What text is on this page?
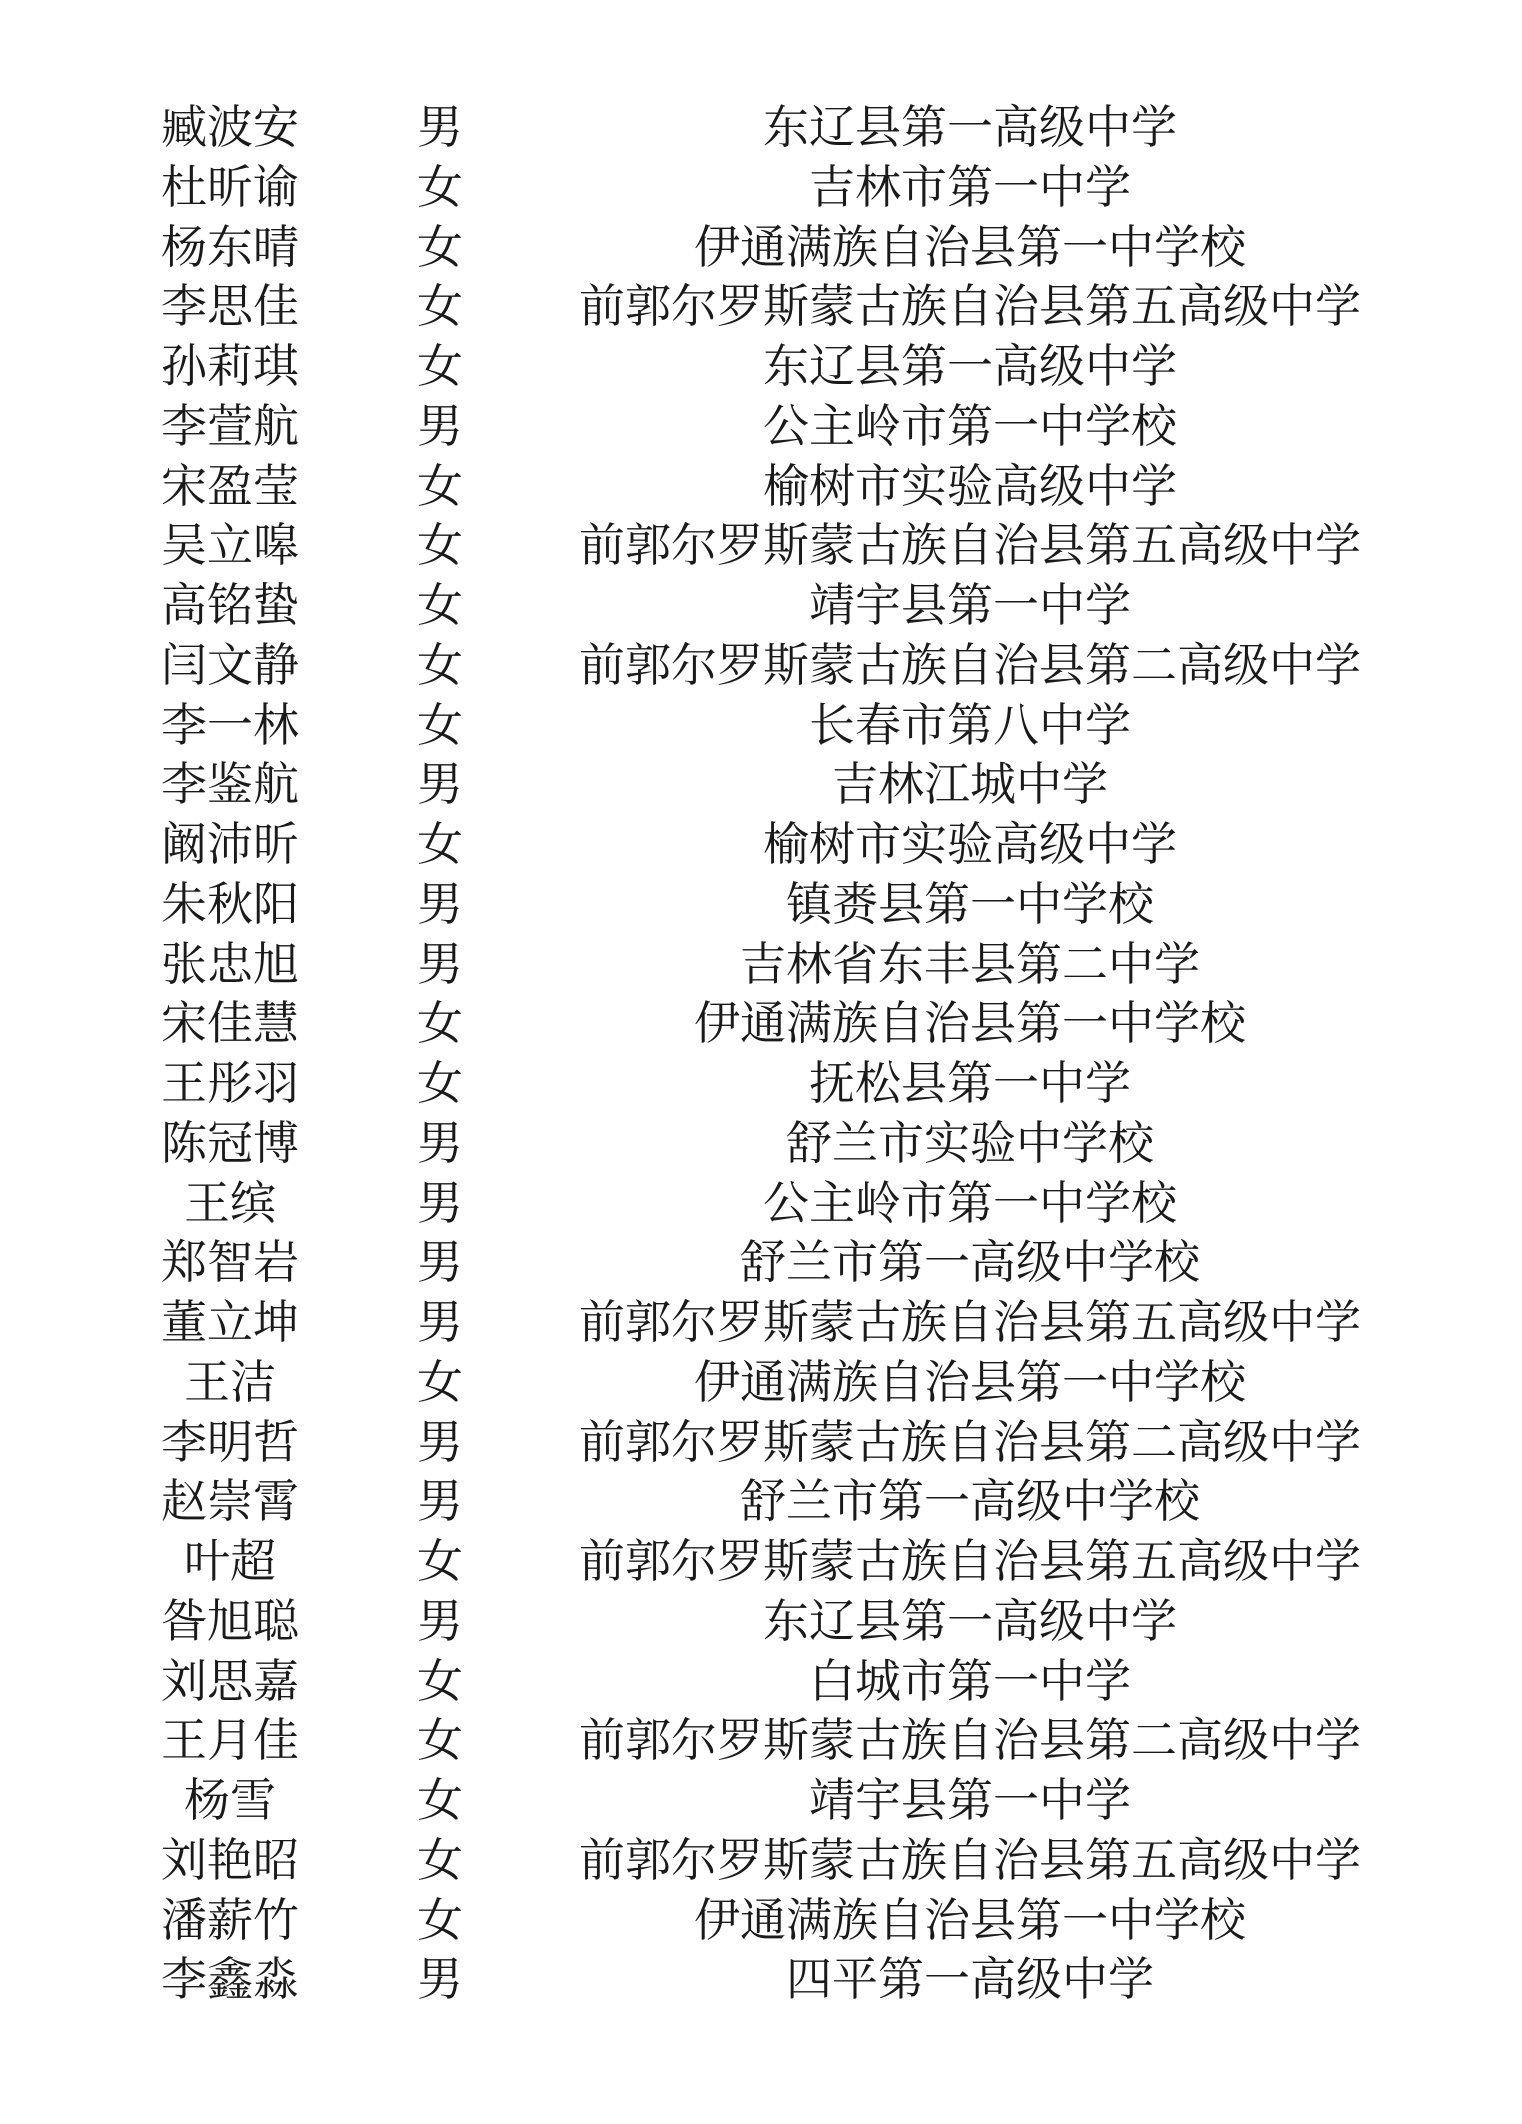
臧波安	男	东辽县第一高级中学
杜昕谕	女	吉林市第一中学
杨东晴	女	伊通满族自治县第一中学校
李思佳	女	前郭尔罗斯蒙古族自治县第五高级中学
孙莉琪	女	东辽县第一高级中学
李萱航	男	公主岭市第一中学校
宋盈莹	女	榆树市实验高级中学
吴立嗥	女	前郭尔罗斯蒙古族自治县第五高级中学
高铭蛰	女	靖宇县第一中学
闫文静	女	前郭尔罗斯蒙古族自治县第二高级中学
李一林	女	长春市第八中学
李鉴航	男	吉林江城中学
阚沛昕	女	榆树市实验高级中学
朱秋阳	男	镇赉县第一中学校
张忠旭	男	吉林省东丰县第二中学
宋佳慧	女	伊通满族自治县第一中学校
王彤羽	女	抚松县第一中学
陈冠博	男	舒兰市实验中学校
王缤	男	公主岭市第一中学校
郑智岩	男	舒兰市第一高级中学校
董立坤	男	前郭尔罗斯蒙古族自治县第五高级中学
王洁	女	伊通满族自治县第一中学校
李明哲	男	前郭尔罗斯蒙古族自治县第二高级中学
赵崇霄	男	舒兰市第一高级中学校
叶超	女	前郭尔罗斯蒙古族自治县第五高级中学
昝旭聪	男	东辽县第一高级中学
刘思嘉	女	白城市第一中学
王月佳	女	前郭尔罗斯蒙古族自治县第二高级中学
杨雪	女	靖宇县第一中学
刘艳昭	女	前郭尔罗斯蒙古族自治县第五高级中学
潘薪竹	女	伊通满族自治县第一中学校
李鑫淼	男	四平第一高级中学
